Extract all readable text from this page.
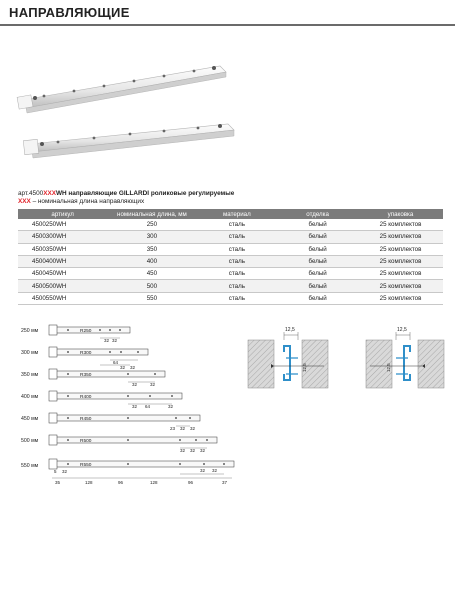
НАПРАВЛЯЮЩИЕ
арт.4500XXXWH направляющие GILLARDI роликовые регулируемые
XXX – номинальная длина направляющих
артикул	номинальная длина, мм	материал	отделка	упаковка
4500250WH	250	сталь	белый	25 комплектов
4500300WH	300	сталь	белый	25 комплектов
4500350WH	350	сталь	белый	25 комплектов
4500400WH	400	сталь	белый	25 комплектов
4500450WH	450	сталь	белый	25 комплектов
4500500WH	500	сталь	белый	25 комплектов
4500550WH	550	сталь	белый	25 комплектов
250 мм
300 мм
350 мм
400 мм
450 мм
500 мм
550 мм
R250
R300
R350
R400
R450
R500
R550
32 32
64
32 32
32	32
32 64	32
23 32 32
32 32 32
32 32
5 32
35	128	96	128	96	37
12,5
12,5
12,5
12,5
